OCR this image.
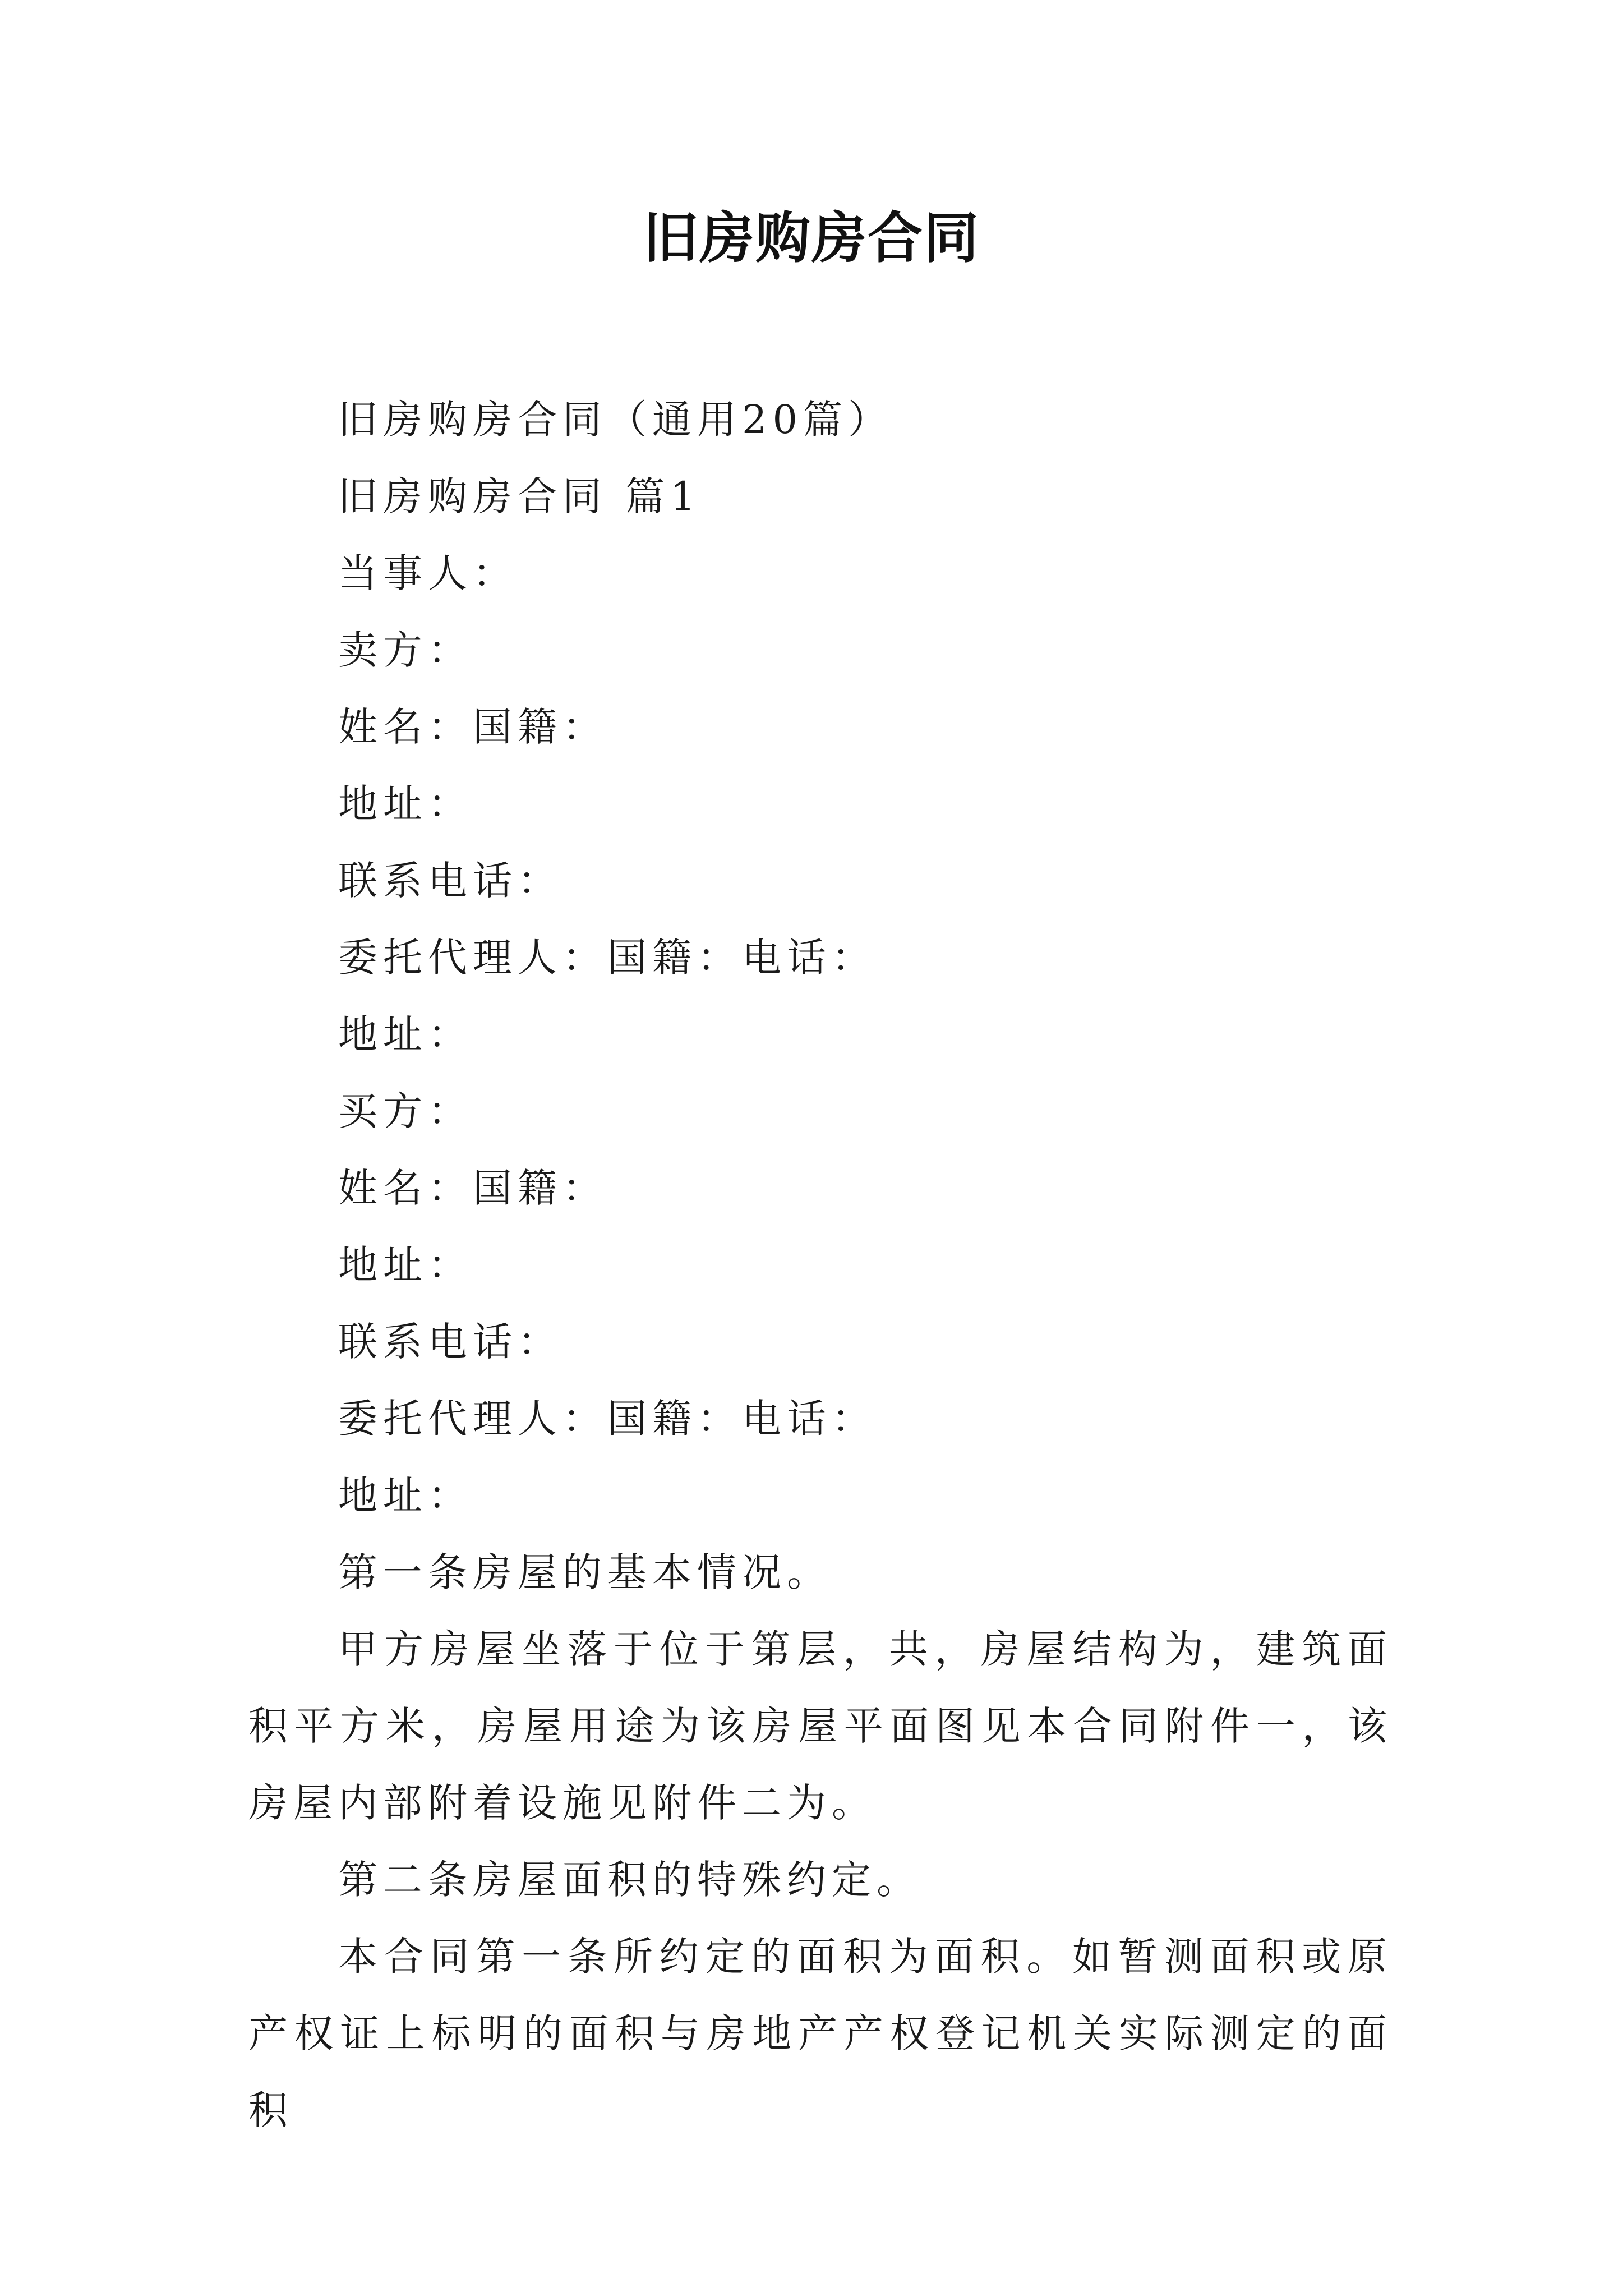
旧房购房合同
旧房购房合同（通用20篇）
旧房购房合同 篇1
当事人：
卖方：
姓名：国籍：
地址：
联系电话：
委托代理人：国籍：电话：
地址：
买方：
姓名：国籍：
地址：
联系电话：
委托代理人：国籍：电话：
地址：
第一条房屋的基本情况。
甲方房屋坐落于位于第层，共，房屋结构为，建筑面积平方米，房屋用途为该房屋平面图见本合同附件一，该房屋内部附着设施见附件二为。
第二条房屋面积的特殊约定。
本合同第一条所约定的面积为面积。如暂测面积或原产权证上标明的面积与房地产产权登记机关实际测定的面积
